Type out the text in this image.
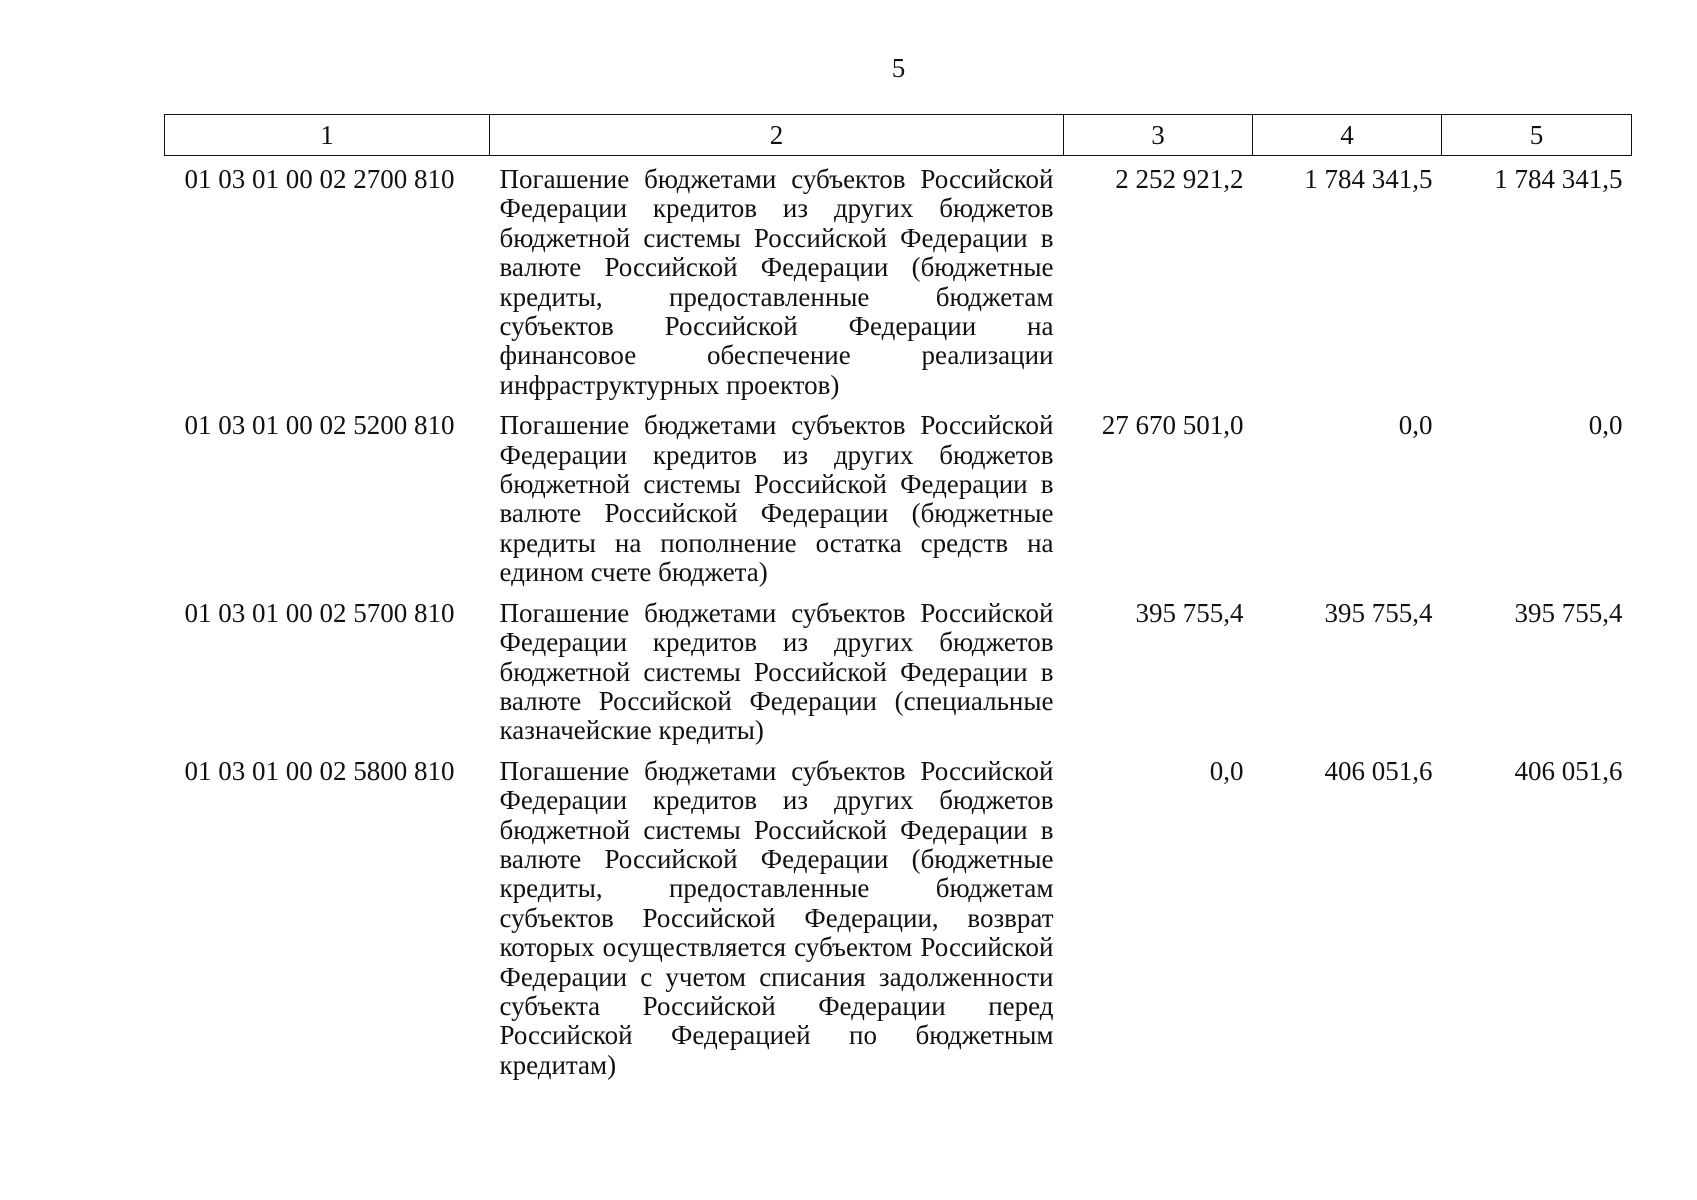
5
1	2	3	4	5
01 03 01 00 02 2700 810	Погашение бюджетами субъектов Российской Федерации кредитов из других бюджетов бюджетной системы Российской Федерации в валюте Российской Федерации (бюджетные кредиты, предоставленные бюджетам субъектов Российской Федерации на финансовое обеспечение реализации инфраструктурных проектов)	2 252 921,2	1 784 341,5	1 784 341,5
01 03 01 00 02 5200 810	Погашение бюджетами субъектов Российской Федерации кредитов из других бюджетов бюджетной системы Российской Федерации в валюте Российской Федерации (бюджетные кредиты на пополнение остатка средств на едином счете бюджета)	27 670 501,0	0,0	0,0
01 03 01 00 02 5700 810	Погашение бюджетами субъектов Российской Федерации кредитов из других бюджетов бюджетной системы Российской Федерации в валюте Российской Федерации (специальные казначейские кредиты)	395 755,4	395 755,4	395 755,4
01 03 01 00 02 5800 810	Погашение бюджетами субъектов Российской Федерации кредитов из других бюджетов бюджетной системы Российской Федерации в валюте Российской Федерации (бюджетные кредиты, предоставленные бюджетам субъектов Российской Федерации, возврат которых осуществляется субъектом Российской Федерации с учетом списания задолженности субъекта Российской Федерации перед Российской Федерацией по бюджетным кредитам)	0,0	406 051,6	406 051,6
